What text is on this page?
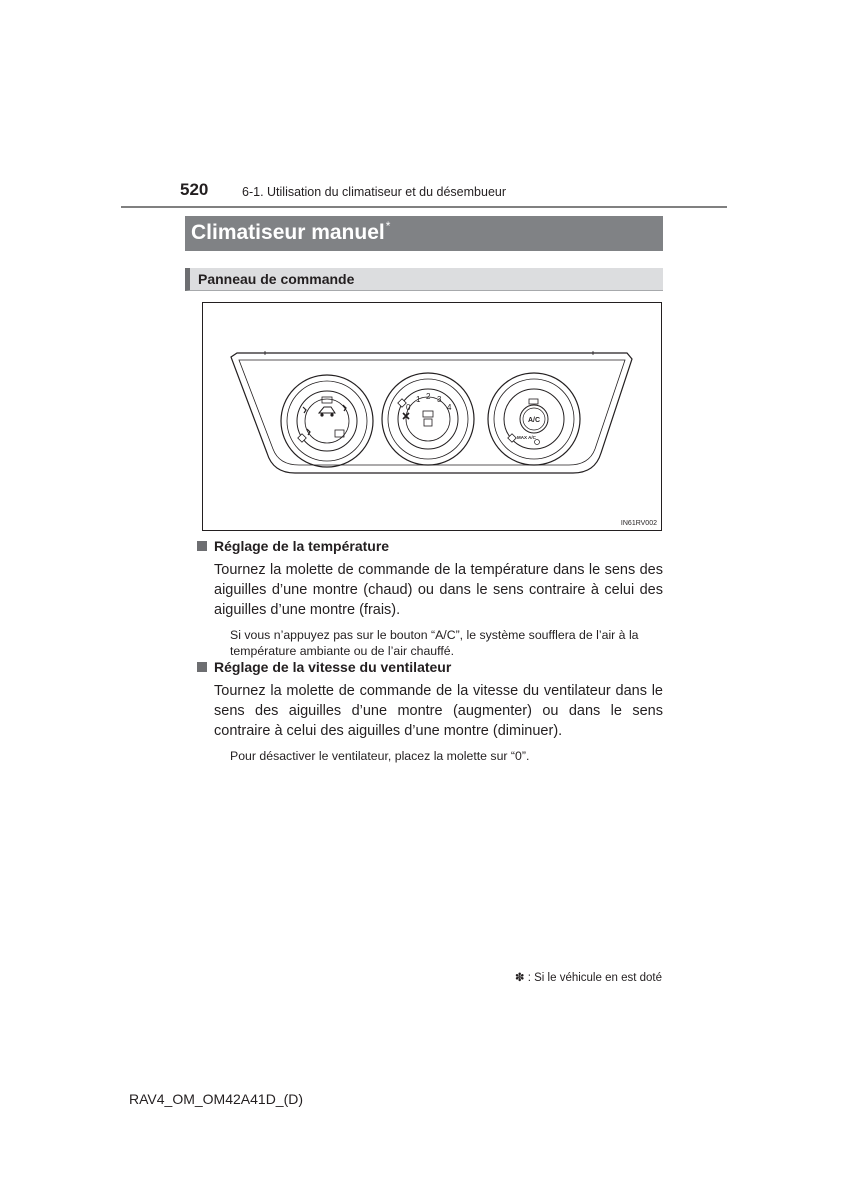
520	6-1. Utilisation du climatiseur et du désembueur
Climatiseur manuel*
Panneau de commande
0
1 2 3
4
A/C
MAX A/C
IN61RV002
Réglage de la température
Tournez la molette de commande de la température dans le sens des aiguilles d’une montre (chaud) ou dans le sens contraire à celui des aiguilles d’une montre (frais).
Si vous n’appuyez pas sur le bouton “A/C”, le système soufflera de l’air à la température ambiante ou de l’air chauffé.
Réglage de la vitesse du ventilateur
Tournez la molette de commande de la vitesse du ventilateur dans le sens des aiguilles d’une montre (augmenter) ou dans le sens contraire à celui des aiguilles d’une montre (diminuer).
Pour désactiver le ventilateur, placez la molette sur “0”.
✽ : Si le véhicule en est doté
RAV4_OM_OM42A41D_(D)
